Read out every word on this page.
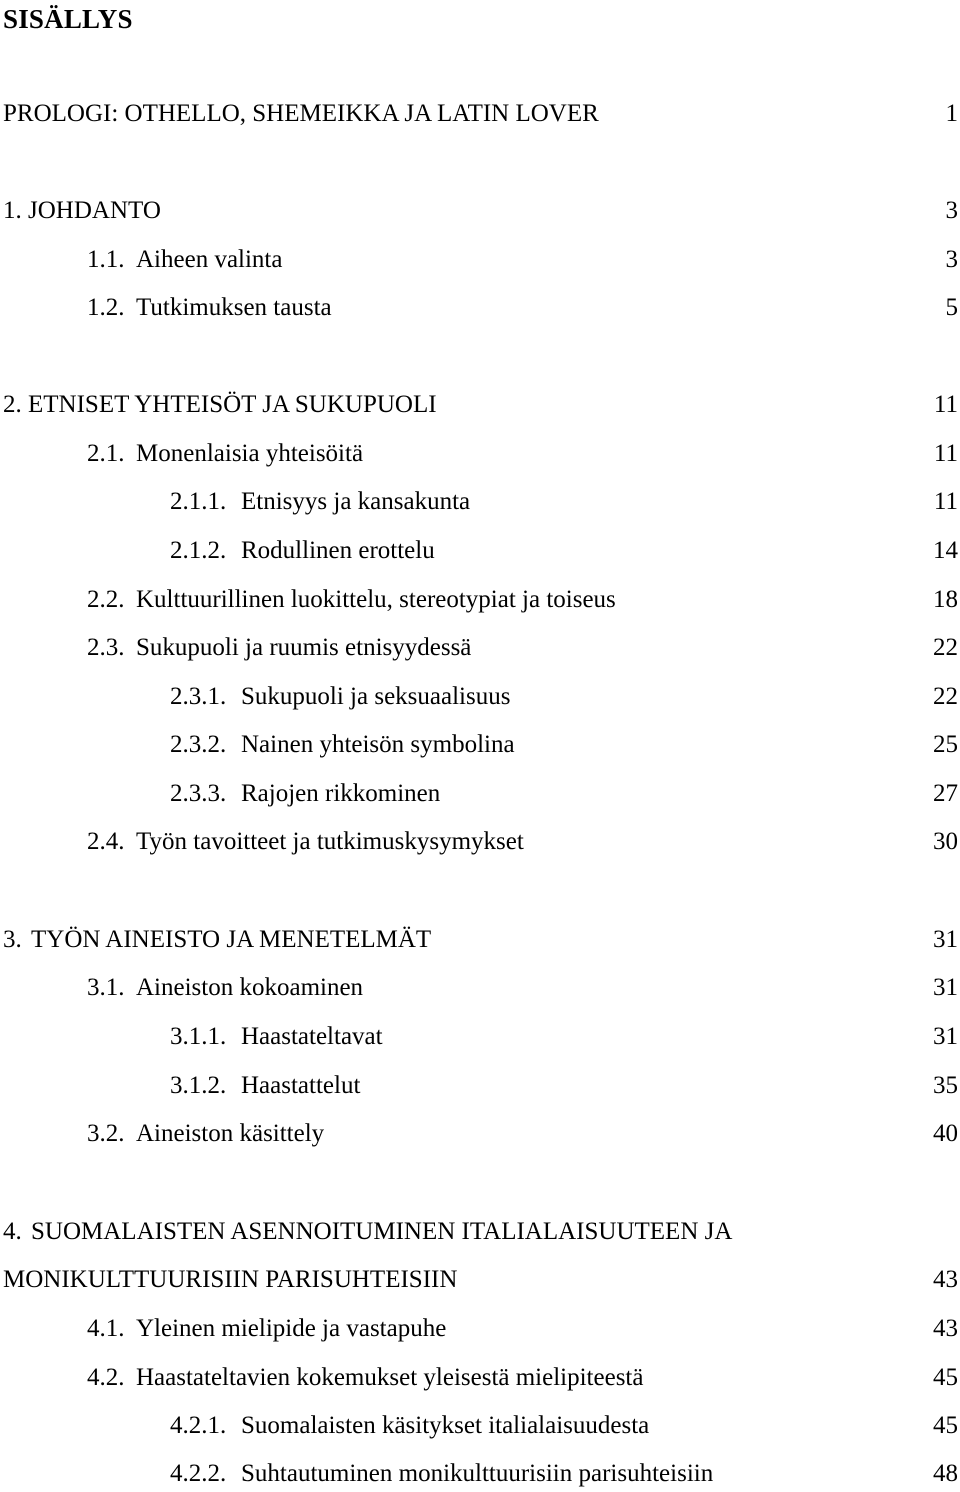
SISÄLLYS
PROLOGI: OTHELLO, SHEMEIKKA JA LATIN LOVER	1
1. JOHDANTO	3
1.1. Aiheen valinta	3
1.2. Tutkimuksen tausta	5
2. ETNISET YHTEISÖT JA SUKUPUOLI	11
2.1. Monenlaisia yhteisöitä	11
2.1.1. Etnisyys ja kansakunta	11
2.1.2. Rodullinen erottelu	14
2.2. Kulttuurillinen luokittelu, stereotypiat ja toiseus	18
2.3. Sukupuoli ja ruumis etnisyydessä	22
2.3.1. Sukupuoli ja seksuaalisuus	22
2.3.2. Nainen yhteisön symbolina	25
2.3.3. Rajojen rikkominen	27
2.4. Työn tavoitteet ja tutkimuskysymykset	30
3. TYÖN AINEISTO JA MENETELMÄT	31
3.1. Aineiston kokoaminen	31
3.1.1. Haastateltavat	31
3.1.2. Haastattelut	35
3.2. Aineiston käsittely	40
4. SUOMALAISTEN ASENNOITUMINEN ITALIALAISUUTEEN JA
MONIKULTTUURISIIN PARISUHTEISIIN	43
4.1. Yleinen mielipide ja vastapuhe	43
4.2. Haastateltavien kokemukset yleisestä mielipiteestä	45
4.2.1. Suomalaisten käsitykset italialaisuudesta	45
4.2.2. Suhtautuminen monikulttuurisiin parisuhteisiin	48
